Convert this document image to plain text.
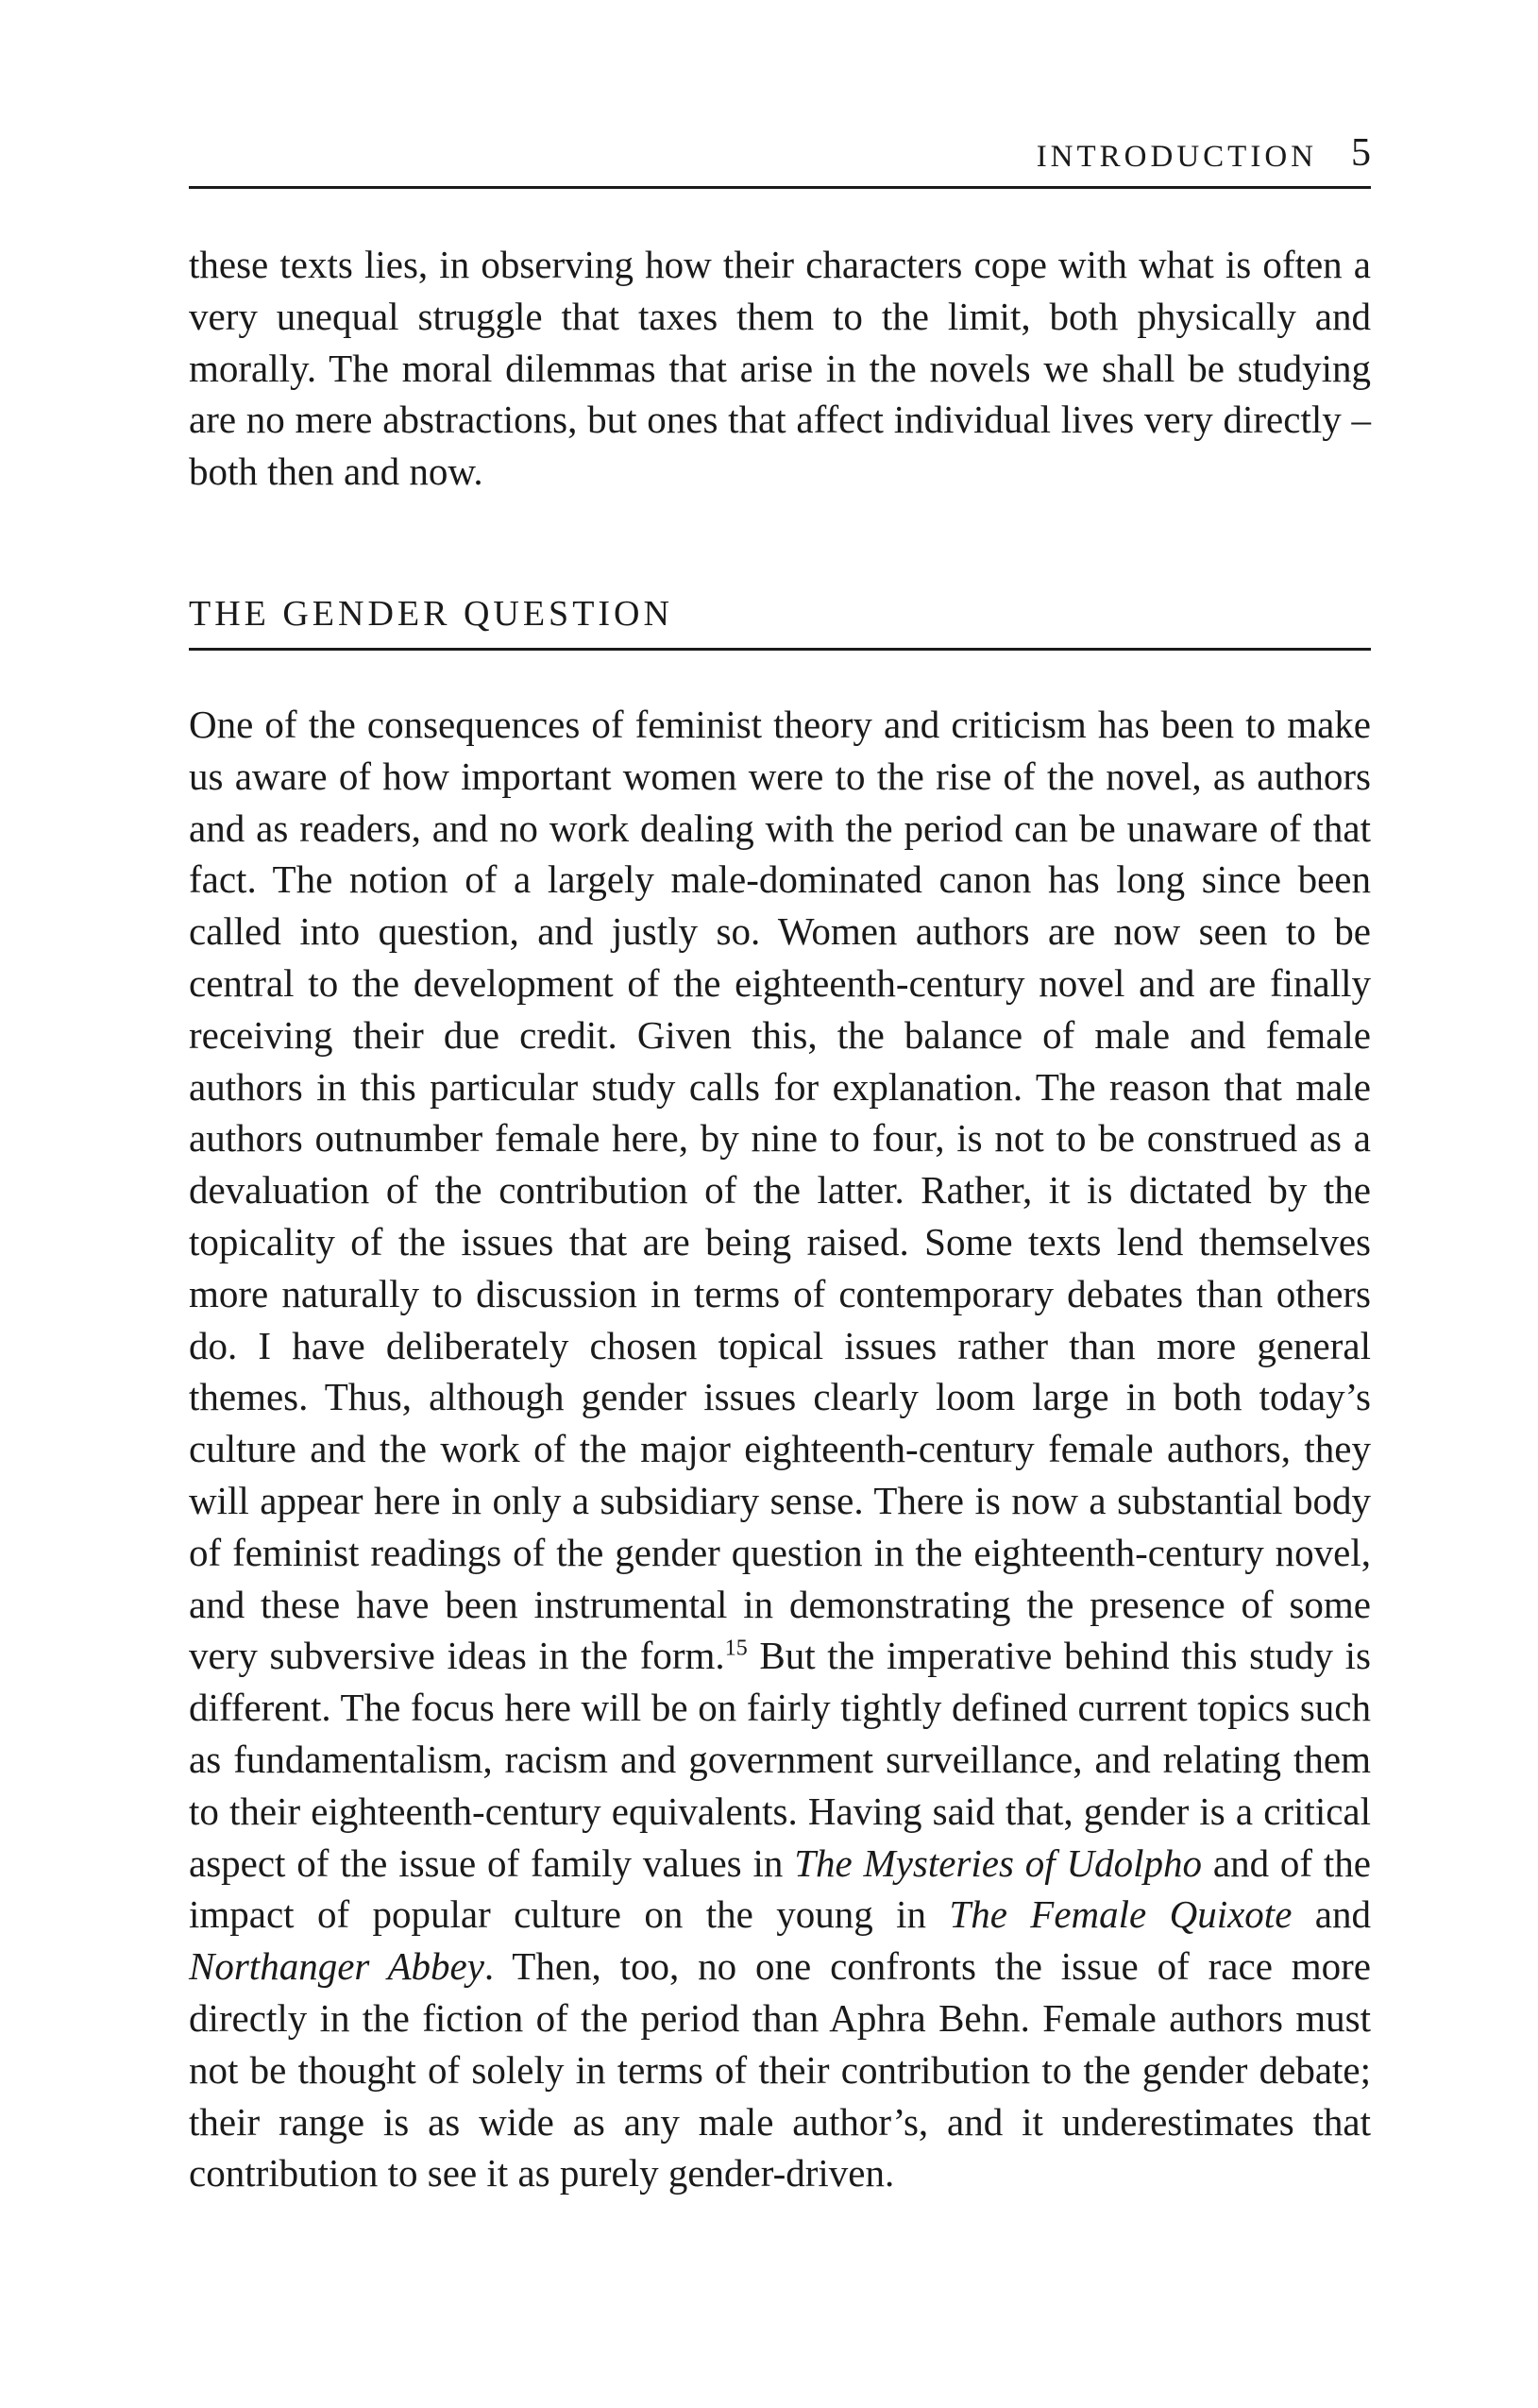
INTRODUCTION 5

these texts lies, in observing how their characters cope with what is often a very unequal struggle that taxes them to the limit, both physically and morally. The moral dilemmas that arise in the novels we shall be studying are no mere abstractions, but ones that affect individual lives very directly – both then and now.

THE GENDER QUESTION

One of the consequences of feminist theory and criticism has been to make us aware of how important women were to the rise of the novel, as authors and as readers, and no work dealing with the period can be unaware of that fact. The notion of a largely male-dominated canon has long since been called into question, and justly so. Women authors are now seen to be central to the development of the eighteenth-century novel and are finally receiving their due credit. Given this, the balance of male and female authors in this particular study calls for explanation. The reason that male authors outnumber female here, by nine to four, is not to be construed as a devaluation of the contribution of the latter. Rather, it is dictated by the topicality of the issues that are being raised. Some texts lend themselves more naturally to discussion in terms of contemporary debates than others do. I have deliberately chosen topical issues rather than more general themes. Thus, although gender issues clearly loom large in both today’s culture and the work of the major eighteenth-century female authors, they will appear here in only a subsidiary sense. There is now a substantial body of feminist readings of the gender question in the eighteenth-century novel, and these have been instrumental in demonstrating the presence of some very subversive ideas in the form.$^{15}$ But the imperative behind this study is different. The focus here will be on fairly tightly defined current topics such as fundamentalism, racism and government surveillance, and relating them to their eighteenth-century equivalents. Having said that, gender is a critical aspect of the issue of family values in The Mysteries of Udolpho and of the impact of popular culture on the young in The Female Quixote and Northanger Abbey. Then, too, no one confronts the issue of race more directly in the fiction of the period than Aphra Behn. Female authors must not be thought of solely in terms of their contribution to the gender debate; their range is as wide as any male author’s, and it underestimates that contribution to see it as purely gender-driven.
